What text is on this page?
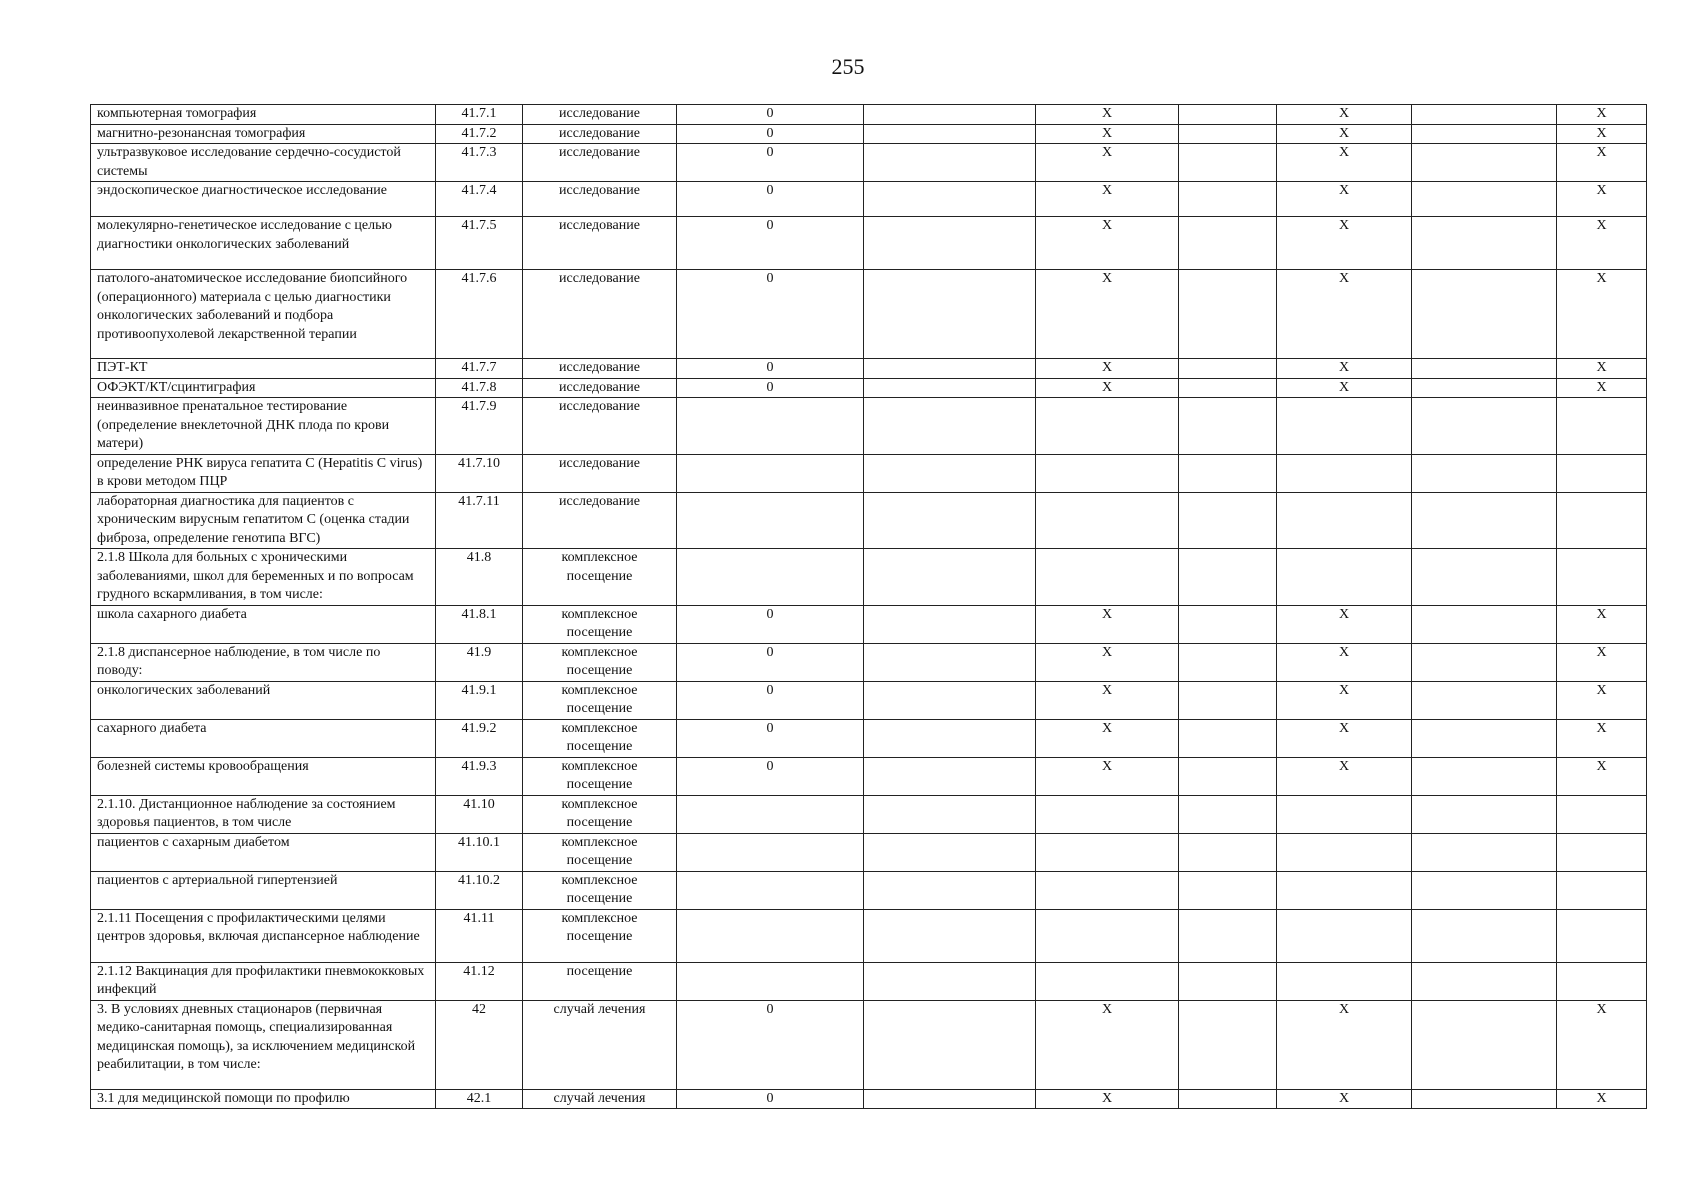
255
компьютерная томография	41.7.1	исследование	0		X		X		X
магнитно-резонансная томография	41.7.2	исследование	0		X		X		X
ультразвуковое исследование сердечно-сосудистой системы	41.7.3	исследование	0		X		X		X
эндоскопическое диагностическое исследование	41.7.4	исследование	0		X		X		X
молекулярно-генетическое исследование с целью диагностики онкологических заболеваний	41.7.5	исследование	0		X		X		X
патолого-анатомическое исследование биопсийного (операционного) материала с целью диагностики онкологических заболеваний и подбора противоопухолевой лекарственной терапии	41.7.6	исследование	0		X		X		X
ПЭТ-КТ	41.7.7	исследование	0		X		X		X
ОФЭКТ/КТ/сцинтиграфия	41.7.8	исследование	0		X		X		X
неинвазивное пренатальное тестирование (определение внеклеточной ДНК плода по крови матери)	41.7.9	исследование							
определение РНК вируса гепатита С (Hepatitis C virus) в крови методом ПЦР	41.7.10	исследование							
лабораторная диагностика для пациентов с хроническим вирусным гепатитом С (оценка стадии фиброза, определение генотипа ВГС)	41.7.11	исследование							
2.1.8 Школа для больных с хроническими заболеваниями, школ для беременных и по вопросам грудного вскармливания, в том числе:	41.8	комплексное посещение							
школа сахарного диабета	41.8.1	комплексное посещение	0		X		X		X
2.1.8 диспансерное наблюдение, в том числе по поводу:	41.9	комплексное посещение	0		X		X		X
онкологических заболеваний	41.9.1	комплексное посещение	0		X		X		X
сахарного диабета	41.9.2	комплексное посещение	0		X		X		X
болезней системы кровообращения	41.9.3	комплексное посещение	0		X		X		X
2.1.10. Дистанционное наблюдение за состоянием здоровья пациентов, в том числе	41.10	комплексное посещение							
пациентов с сахарным диабетом	41.10.1	комплексное посещение							
пациентов с артериальной гипертензией	41.10.2	комплексное посещение							
2.1.11 Посещения с профилактическими целями центров здоровья, включая диспансерное наблюдение	41.11	комплексное посещение							
2.1.12 Вакцинация для профилактики пневмококковых инфекций	41.12	посещение							
3. В условиях дневных стационаров (первичная медико-санитарная помощь, специализированная медицинская помощь), за исключением медицинской реабилитации, в том числе:	42	случай лечения	0		X		X		X
3.1 для медицинской помощи по профилю	42.1	случай лечения	0		X		X		X
